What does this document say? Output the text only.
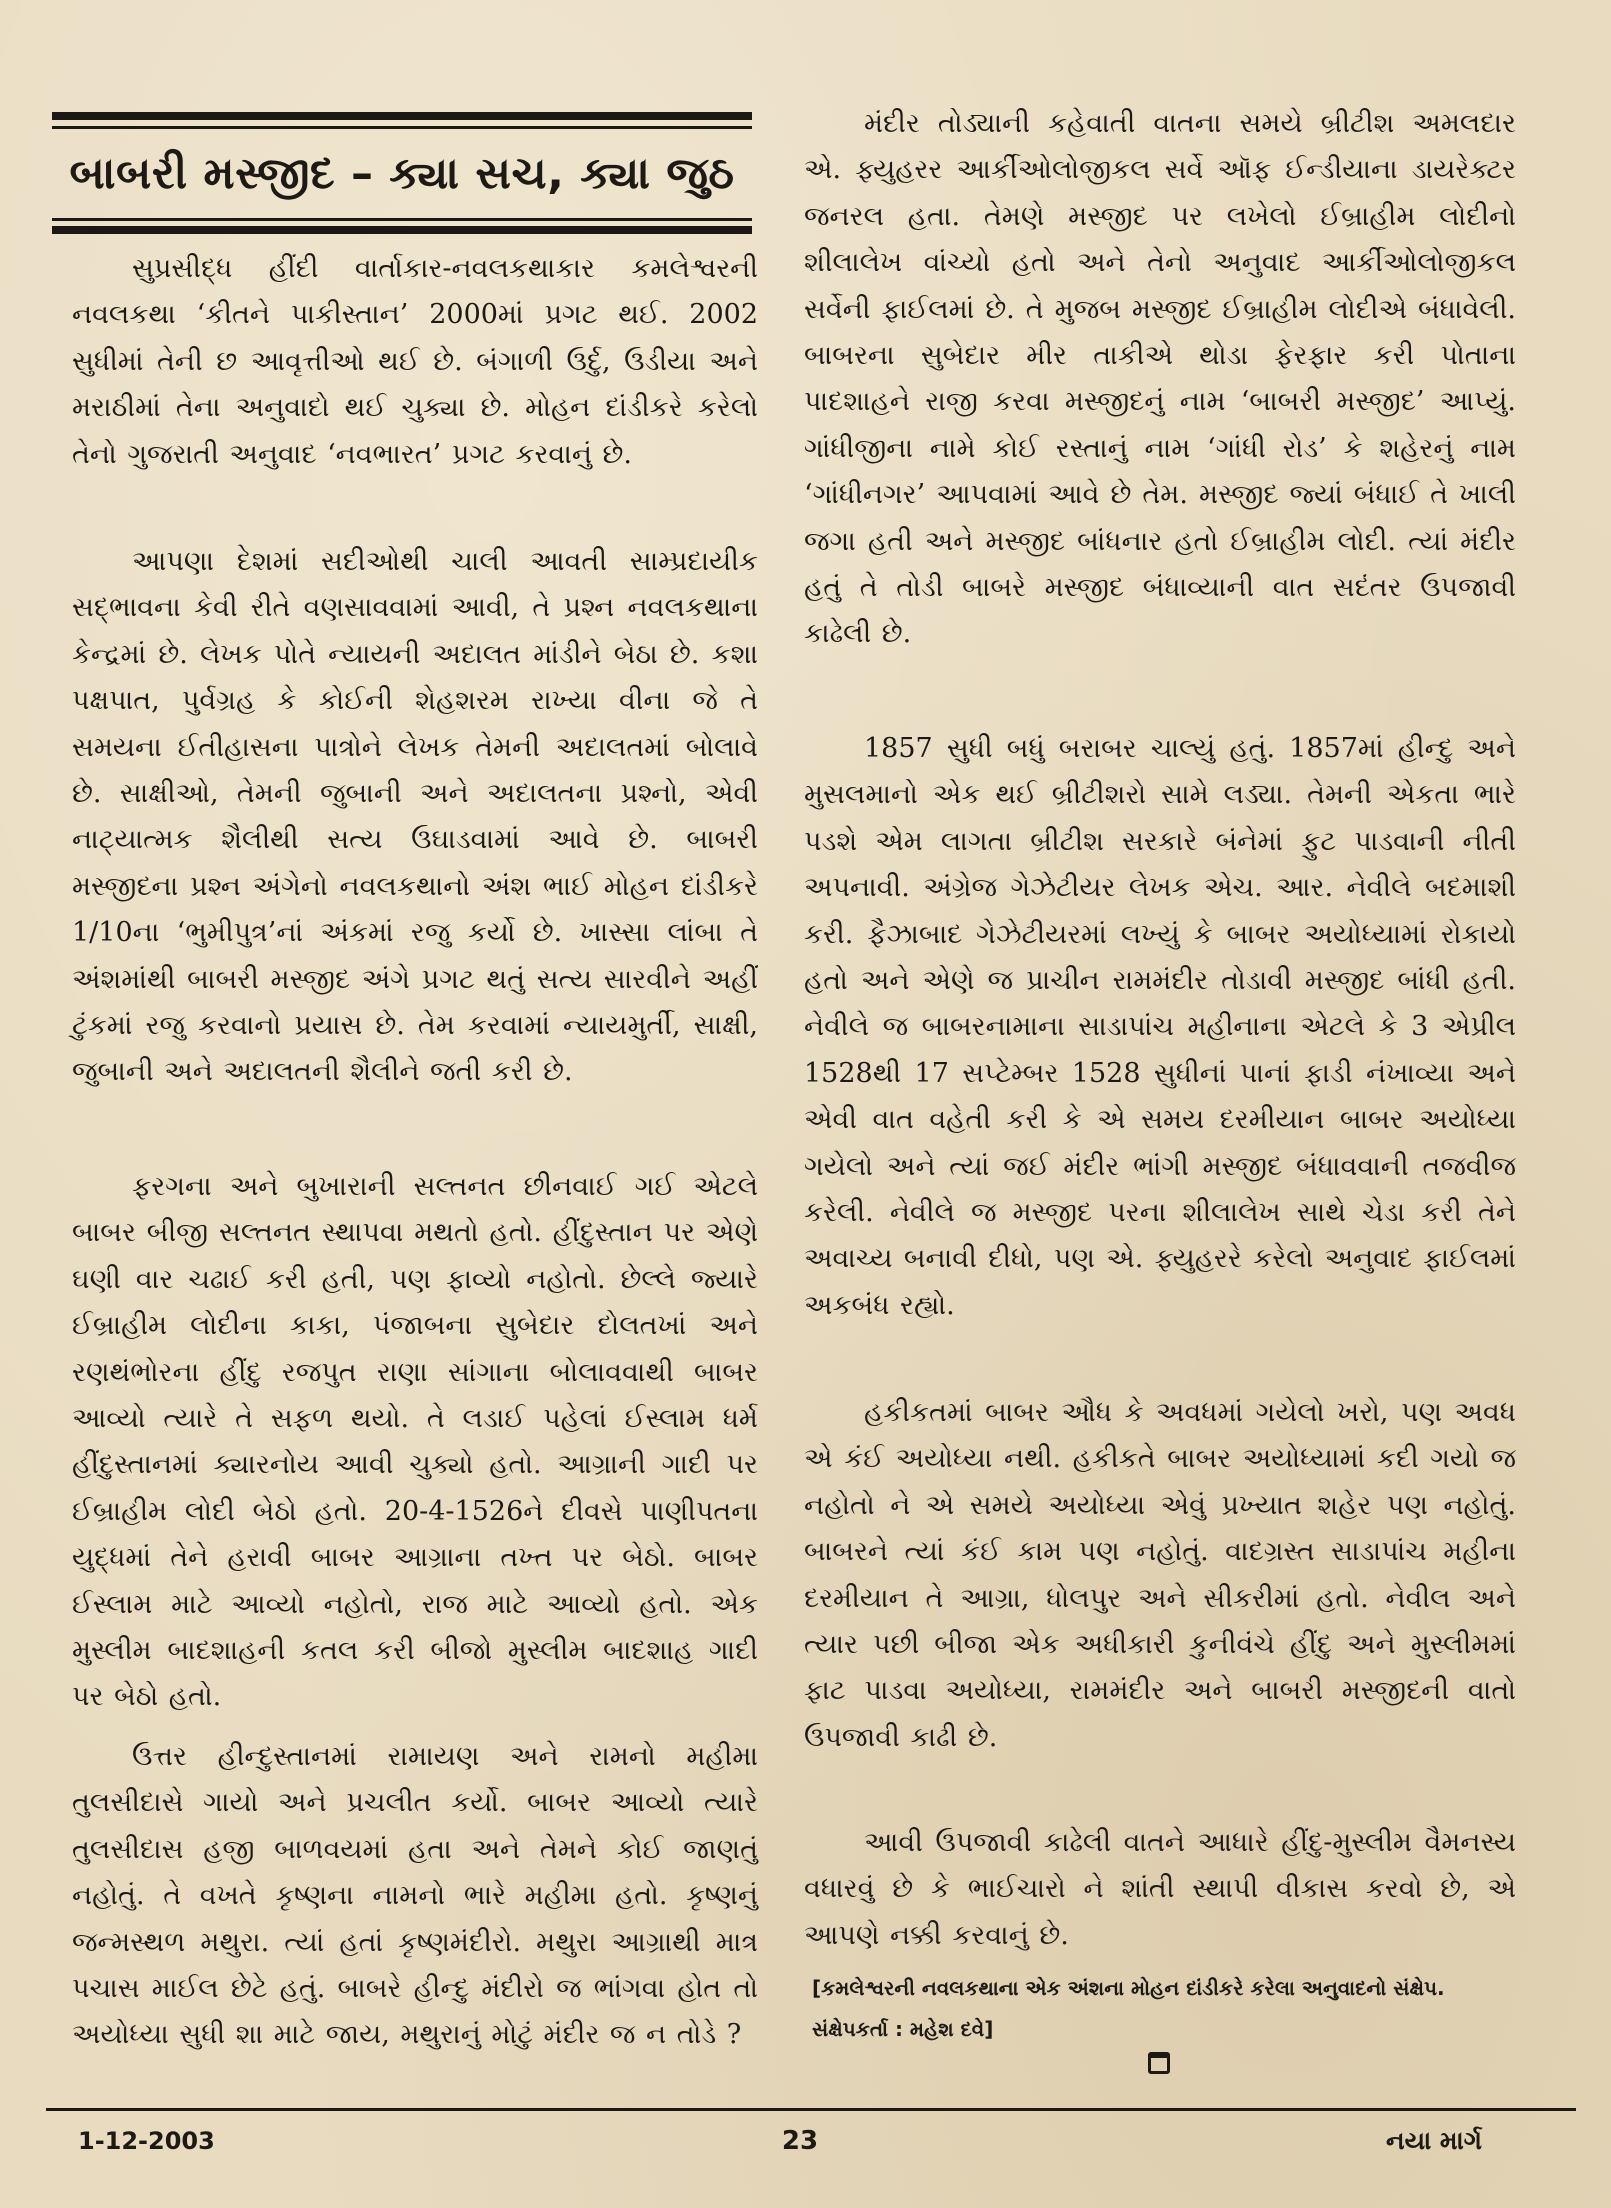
બાબરી મસ્જીદ – ક્યા સચ, ક્યા જુઠ

સુપ્રસીદ્ધ હીંદી વાર્તાકાર-નવલકથાકાર કમલેશ્વરની નવલકથા ‘કીતને પાકીસ્તાન’ 2000માં પ્રગટ થઈ. 2002 સુધીમાં તેની છ આવૃત્તીઓ થઈ છે. બંગાળી ઉર્દુ, ઉડીયા અને મરાઠીમાં તેના અનુવાદો થઈ ચુક્યા છે. મોહન દાંડીકરે કરેલો તેનો ગુજરાતી અનુવાદ ‘નવભારત’ પ્રગટ કરવાનું છે.

આપણા દેશમાં સદીઓથી ચાલી આવતી સામ્પ્રદાયીક સદ્ભાવના કેવી રીતે વણસાવવામાં આવી, તે પ્રશ્ન નવલકથાના કેન્દ્રમાં છે. લેખક પોતે ન્યાયની અદાલત માંડીને બેઠા છે. કશા પક્ષપાત, પુર્વગ્રહ કે કોઈની શેહશરમ રાખ્યા વીના જે તે સમયના ઈતીહાસના પાત્રોને લેખક તેમની અદાલતમાં બોલાવે છે. સાક્ષીઓ, તેમની જુબાની અને અદાલતના પ્રશ્નો, એવી નાટ્યાત્મક શૈલીથી સત્ય ઉઘાડવામાં આવે છે. બાબરી મસ્જીદના પ્રશ્ન અંગેનો નવલકથાનો અંશ ભાઈ મોહન દાંડીકરે 1/10ના ‘ભુમીપુત્ર’નાં અંકમાં રજુ કર્યો છે. ખાસ્સા લાંબા તે અંશમાંથી બાબરી મસ્જીદ અંગે પ્રગટ થતું સત્ય સારવીને અહીં ટુંકમાં રજુ કરવાનો પ્રયાસ છે. તેમ કરવામાં ન્યાયમુર્તી, સાક્ષી, જુબાની અને અદાલતની શૈલીને જતી કરી છે.

ફરગના અને બુખારાની સલ્તનત છીનવાઈ ગઈ એટલે બાબર બીજી સલ્તનત સ્થાપવા મથતો હતો. હીંદુસ્તાન પર એણે ઘણી વાર ચઢાઈ કરી હતી, પણ ફાવ્યો નહોતો. છેલ્લે જ્યારે ઈબ્રાહીમ લોદીના કાકા, પંજાબના સુબેદાર દોલતખાં અને રણથંભોરના હીંદુ રજપુત રાણા સાંગાના બોલાવવાથી બાબર આવ્યો ત્યારે તે સફળ થયો. તે લડાઈ પહેલાં ઈસ્લામ ધર્મ હીંદુસ્તાનમાં ક્યારનોય આવી ચુક્યો હતો. આગ્રાની ગાદી પર ઈબ્રાહીમ લોદી બેઠો હતો. 20-4-1526ને દીવસે પાણીપતના યુદ્ધમાં તેને હરાવી બાબર આગ્રાના તખ્ત પર બેઠો. બાબર ઈસ્લામ માટે આવ્યો નહોતો, રાજ માટે આવ્યો હતો. એક મુસ્લીમ બાદશાહની કતલ કરી બીજો મુસ્લીમ બાદશાહ ગાદી પર બેઠો હતો.

ઉત્તર હીન્દુસ્તાનમાં રામાયણ અને રામનો મહીમા તુલસીદાસે ગાયો અને પ્રચલીત કર્યો. બાબર આવ્યો ત્યારે તુલસીદાસ હજી બાળવયમાં હતા અને તેમને કોઈ જાણતું નહોતું. તે વખતે કૃષ્ણના નામનો ભારે મહીમા હતો. કૃષ્ણનું જન્મસ્થળ મથુરા. ત્યાં હતાં કૃષ્ણમંદીરો. મથુરા આગ્રાથી માત્ર પચાસ માઈલ છેટે હતું. બાબરે હીન્દુ મંદીરો જ ભાંગવા હોત તો અયોધ્યા સુધી શા માટે જાય, મથુરાનું મોટું મંદીર જ ન તોડે ?

મંદીર તોડ્યાની કહેવાતી વાતના સમયે બ્રીટીશ અમલદાર એ. ફ્યુહરર આર્કીઓલોજીકલ સર્વે ઑફ ઈન્ડીયાના ડાયરેક્ટર જનરલ હતા. તેમણે મસ્જીદ પર લખેલો ઈબ્રાહીમ લોદીનો શીલાલેખ વાંચ્યો હતો અને તેનો અનુવાદ આર્કીઓલોજીકલ સર્વેની ફાઈલમાં છે. તે મુજબ મસ્જીદ ઈબ્રાહીમ લોદીએ બંધાવેલી. બાબરના સુબેદાર મીર તાકીએ થોડા ફેરફાર કરી પોતાના પાદશાહને રાજી કરવા મસ્જીદનું નામ ‘બાબરી મસ્જીદ’ આપ્યું. ગાંધીજીના નામે કોઈ રસ્તાનું નામ ‘ગાંધી રોડ’ કે શહેરનું નામ ‘ગાંધીનગર’ આપવામાં આવે છે તેમ. મસ્જીદ જ્યાં બંધાઈ તે ખાલી જગા હતી અને મસ્જીદ બાંધનાર હતો ઈબ્રાહીમ લોદી. ત્યાં મંદીર હતું તે તોડી બાબરે મસ્જીદ બંધાવ્યાની વાત સદંતર ઉપજાવી કાઢેલી છે.

1857 સુધી બધું બરાબર ચાલ્યું હતું. 1857માં હીન્દુ અને મુસલમાનો એક થઈ બ્રીટીશરો સામે લડ્યા. તેમની એકતા ભારે પડશે એમ લાગતા બ્રીટીશ સરકારે બંનેમાં ફુટ પાડવાની નીતી અપનાવી. અંગ્રેજ ગેઝેટીયર લેખક એચ. આર. નેવીલે બદમાશી કરી. ફૈઝાબાદ ગેઝેટીયરમાં લખ્યું કે બાબર અયોધ્યામાં રોકાયો હતો અને એણે જ પ્રાચીન રામમંદીર તોડાવી મસ્જીદ બાંધી હતી. નેવીલે જ બાબરનામાના સાડાપાંચ મહીનાના એટલે કે 3 એપ્રીલ 1528થી 17 સપ્ટેમ્બર 1528 સુધીનાં પાનાં ફાડી નંખાવ્યા અને એવી વાત વહેતી કરી કે એ સમય દરમીયાન બાબર અયોધ્યા ગયેલો અને ત્યાં જઈ મંદીર ભાંગી મસ્જીદ બંધાવવાની તજવીજ કરેલી. નેવીલે જ મસ્જીદ પરના શીલાલેખ સાથે ચેડા કરી તેને અવાચ્ય બનાવી દીધો, પણ એ. ફ્યુહરરે કરેલો અનુવાદ ફાઈલમાં અકબંધ રહ્યો.

હકીકતમાં બાબર ઔધ કે અવધમાં ગયેલો ખરો, પણ અવધ એ કંઈ અયોધ્યા નથી. હકીકતે બાબર અયોધ્યામાં કદી ગયો જ નહોતો ને એ સમયે અયોધ્યા એવું પ્રખ્યાત શહેર પણ નહોતું. બાબરને ત્યાં કંઈ કામ પણ નહોતું. વાદગ્રસ્ત સાડાપાંચ મહીના દરમીયાન તે આગ્રા, ધોલપુર અને સીકરીમાં હતો. નેવીલ અને ત્યાર પછી બીજા એક અધીકારી કુનીવંચે હીંદુ અને મુસ્લીમમાં ફાટ પાડવા અયોધ્યા, રામમંદીર અને બાબરી મસ્જીદની વાતો ઉપજાવી કાઢી છે.

આવી ઉપજાવી કાઢેલી વાતને આધારે હીંદુ-મુસ્લીમ વૈમનસ્ય વધારવું છે કે ભાઈચારો ને શાંતી સ્થાપી વીકાસ કરવો છે, એ આપણે નક્કી કરવાનું છે.

[કમલેશ્વરની નવલકથાના એક અંશના મોહન દાંડીકરે કરેલા અનુવાદનો સંક્ષેપ. સંક્ષેપકર્તા : મહેશ દવે]
1-12-2003	23	નયા માર્ગ
